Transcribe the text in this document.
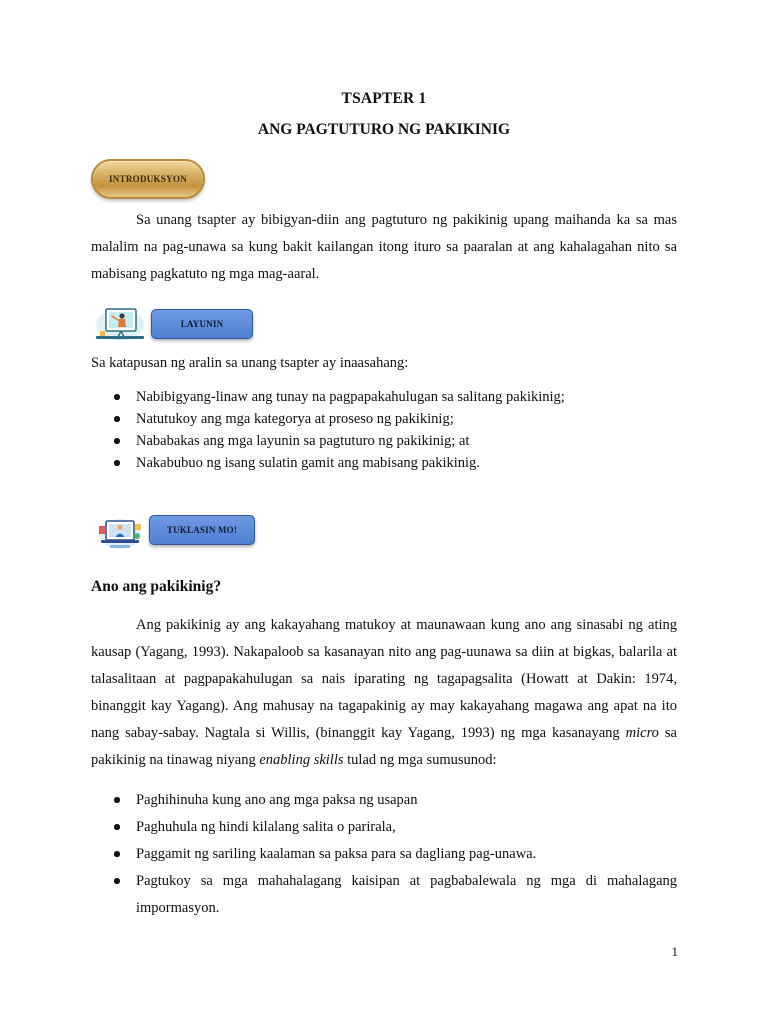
TSAPTER 1
ANG PAGTUTURO NG PAKIKINIG
INTRODUKSYON

Sa unang tsapter ay bibigyan-diin ang pagtuturo ng pakikinig upang maihanda ka sa mas malalim na pag-unawa sa kung bakit kailangan itong ituro sa paaralan at ang kahalagahan nito sa mabisang pagkatuto ng mga mag-aaral.

LAYUNIN

Sa katapusan ng aralin sa unang tsapter ay inaasahang:

Nabibigyang-linaw ang tunay na pagpapakahulugan sa salitang pakikinig;
Natutukoy ang mga kategorya at proseso ng pakikinig;
Nababakas ang mga layunin sa pagtuturo ng pakikinig; at
Nakabubuo ng isang sulatin gamit ang mabisang pakikinig.
TUKLASIN MO!
Ano ang pakikinig?

Ang pakikinig ay ang kakayahang matukoy at maunawaan kung ano ang sinasabi ng ating kausap (Yagang, 1993). Nakapaloob sa kasanayan nito ang pag-uunawa sa diin at bigkas, balarila at talasalitaan at pagpapakahulugan sa nais iparating ng tagapagsalita (Howatt at Dakin: 1974, binanggit kay Yagang). Ang mahusay na tagapakinig ay may kakayahang magawa ang apat na ito nang sabay-sabay. Nagtala si Willis, (binanggit kay Yagang, 1993) ng mga kasanayang micro sa pakikinig na tinawag niyang enabling skills tulad ng mga sumusunod:

Paghihinuha kung ano ang mga paksa ng usapan
Paghuhula ng hindi kilalang salita o parirala,
Paggamit ng sariling kaalaman sa paksa para sa dagliang pag-unawa.
Pagtukoy sa mga mahahalagang kaisipan at pagbabalewala ng mga di mahalagang impormasyon.
1
